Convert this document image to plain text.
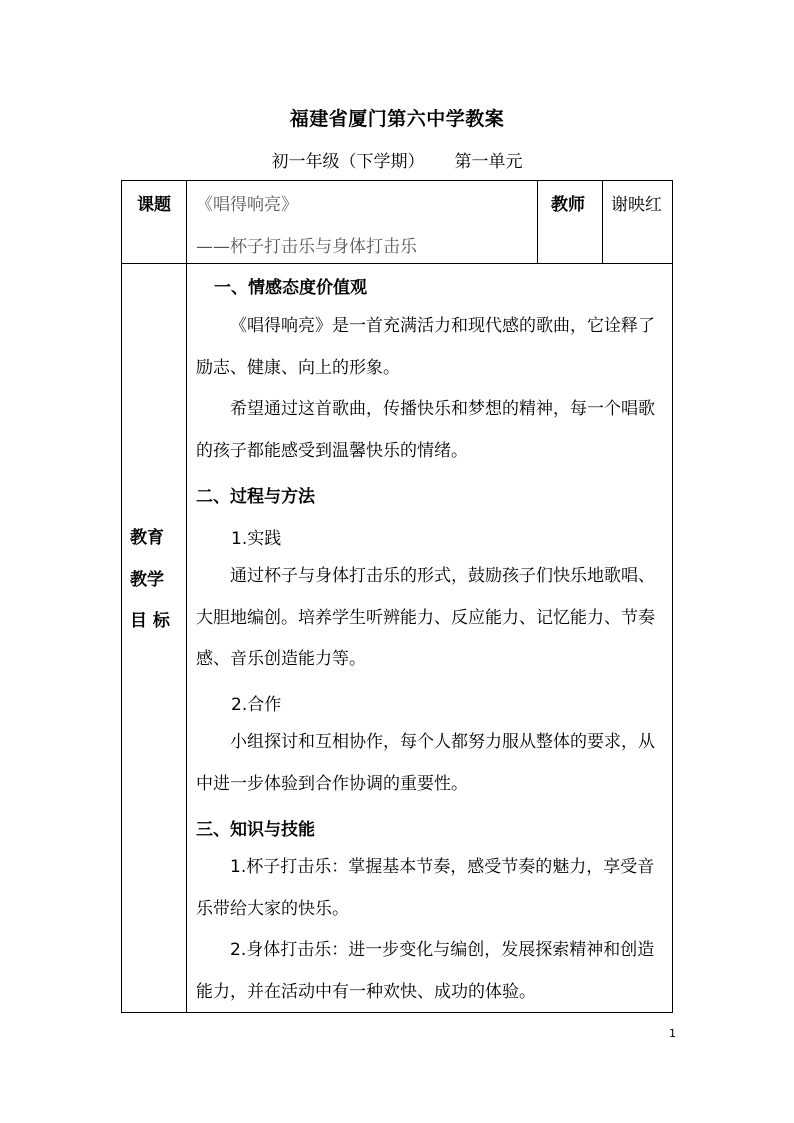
福建省厦门第六中学教案
初一年级（下学期） 第一单元
课题 《唱得响亮》
——杯子打击乐与身体打击乐
教师 谢映红
教育
教学
目 标
一、情感态度价值观
《唱得响亮》是一首充满活力和现代感的歌曲，它诠释了励志、健康、向上的形象。
希望通过这首歌曲，传播快乐和梦想的精神，每一个唱歌的孩子都能感受到温馨快乐的情绪。
二、过程与方法
1.实践
通过杯子与身体打击乐的形式，鼓励孩子们快乐地歌唱、大胆地编创。培养学生听辨能力、反应能力、记忆能力、节奏感、音乐创造能力等。
2.合作
小组探讨和互相协作，每个人都努力服从整体的要求，从中进一步体验到合作协调的重要性。
三、知识与技能
1.杯子打击乐：掌握基本节奏，感受节奏的魅力，享受音乐带给大家的快乐。
2.身体打击乐：进一步变化与编创，发展探索精神和创造能力，并在活动中有一种欢快、成功的体验。
1
